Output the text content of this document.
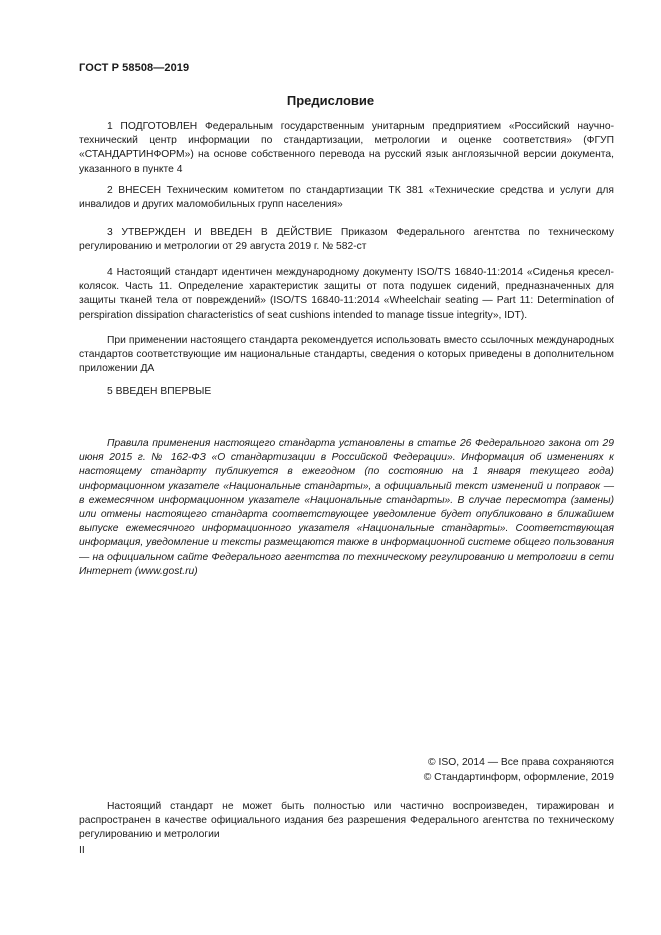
ГОСТ Р 58508—2019
Предисловие

1 ПОДГОТОВЛЕН Федеральным государственным унитарным предприятием «Российский научно-технический центр информации по стандартизации, метрологии и оценке соответствия» (ФГУП «СТАНДАРТИНФОРМ») на основе собственного перевода на русский язык англоязычной версии документа, указанного в пункте 4

2 ВНЕСЕН Техническим комитетом по стандартизации ТК 381 «Технические средства и услуги для инвалидов и других маломобильных групп населения»

3 УТВЕРЖДЕН И ВВЕДЕН В ДЕЙСТВИЕ Приказом Федерального агентства по техническому регулированию и метрологии от 29 августа 2019 г. № 582-ст

4 Настоящий стандарт идентичен международному документу ISO/TS 16840-11:2014 «Сиденья кресел-колясок. Часть 11. Определение характеристик защиты от пота подушек сидений, предназначенных для защиты тканей тела от повреждений» (ISO/TS 16840-11:2014 «Wheelchair seating — Part 11: Determination of perspiration dissipation characteristics of seat cushions intended to manage tissue integrity», IDT).

При применении настоящего стандарта рекомендуется использовать вместо ссылочных международных стандартов соответствующие им национальные стандарты, сведения о которых приведены в дополнительном приложении ДА

5 ВВЕДЕН ВПЕРВЫЕ

Правила применения настоящего стандарта установлены в статье 26 Федерального закона от 29 июня 2015 г. № 162-ФЗ «О стандартизации в Российской Федерации». Информация об изменениях к настоящему стандарту публикуется в ежегодном (по состоянию на 1 января текущего года) информационном указателе «Национальные стандарты», а официальный текст изменений и поправок — в ежемесячном информационном указателе «Национальные стандарты». В случае пересмотра (замены) или отмены настоящего стандарта соответствующее уведомление будет опубликовано в ближайшем выпуске ежемесячного информационного указателя «Национальные стандарты». Соответствующая информация, уведомление и тексты размещаются также в информационной системе общего пользования — на официальном сайте Федерального агентства по техническому регулированию и метрологии в сети Интернет (www.gost.ru)

© ISO, 2014 — Все права сохраняются
© Стандартинформ, оформление, 2019

Настоящий стандарт не может быть полностью или частично воспроизведен, тиражирован и распространен в качестве официального издания без разрешения Федерального агентства по техническому регулированию и метрологии

II
